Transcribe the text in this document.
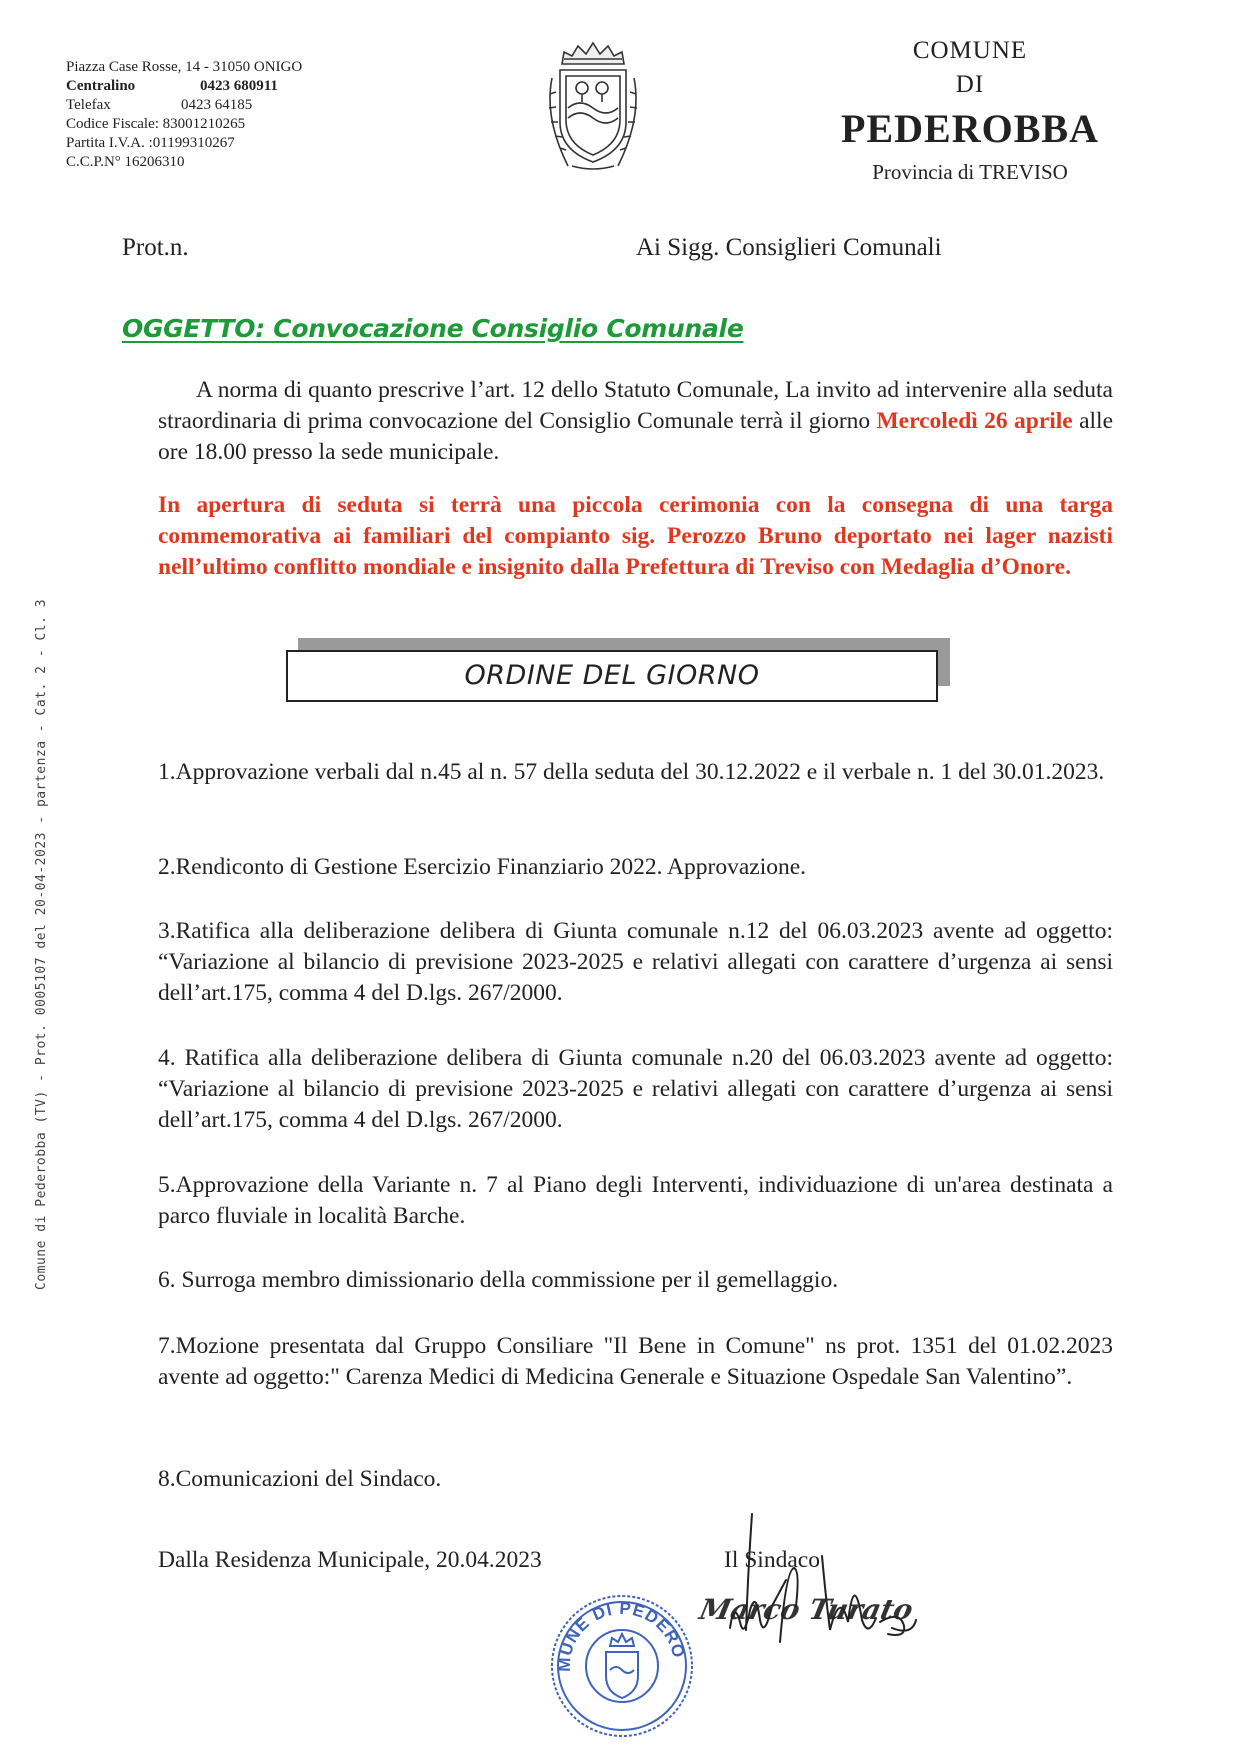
Piazza Case Rosse, 14 - 31050 ONIGO
Centralino	0423 680911
Telefax	0423 64185
Codice Fiscale: 83001210265
Partita I.V.A. :01199310267
C.C.P.N° 16206310
COMUNE
DI
PEDEROBBA
Provincia di TREVISO
Comune di Pederobba (TV) - Prot. 0005107 del 20-04-2023 - partenza - Cat. 2 - Cl. 3
Prot.n.	Ai Sigg. Consiglieri Comunali
OGGETTO: Convocazione Consiglio Comunale
A norma di quanto prescrive l’art. 12 dello Statuto Comunale, La invito ad intervenire alla seduta straordinaria di prima convocazione del Consiglio Comunale terrà il giorno Mercoledì 26 aprile alle ore 18.00 presso la sede municipale.
In apertura di seduta si terrà una piccola cerimonia con la consegna di una targa commemorativa ai familiari del compianto sig. Perozzo Bruno deportato nei lager nazisti nell’ultimo conflitto mondiale e insignito dalla Prefettura di Treviso con Medaglia d’Onore.
ORDINE DEL GIORNO
1.Approvazione verbali dal n.45 al n. 57 della seduta del 30.12.2022 e il verbale n. 1 del 30.01.2023.
2.Rendiconto di Gestione Esercizio Finanziario 2022. Approvazione.
3.Ratifica alla deliberazione delibera di Giunta comunale n.12 del 06.03.2023 avente ad oggetto: “Variazione al bilancio di previsione 2023-2025 e relativi allegati con carattere d’urgenza ai sensi dell’art.175, comma 4 del D.lgs. 267/2000.
4. Ratifica alla deliberazione delibera di Giunta comunale n.20 del 06.03.2023 avente ad oggetto: “Variazione al bilancio di previsione 2023-2025 e relativi allegati con carattere d’urgenza ai sensi dell’art.175, comma 4 del D.lgs. 267/2000.
5.Approvazione della Variante n. 7 al Piano degli Interventi, individuazione di un'area destinata a parco fluviale in località Barche.
6. Surroga membro dimissionario della commissione per il gemellaggio.
7.Mozione presentata dal Gruppo Consiliare "Il Bene in Comune" ns prot. 1351 del 01.02.2023 avente ad oggetto:" Carenza Medici di Medicina Generale e Situazione Ospedale San Valentino”.
8.Comunicazioni del Sindaco.
Dalla Residenza Municipale, 20.04.2023	Il Sindaco
Marco Turato
MUNE DI PEDERO
